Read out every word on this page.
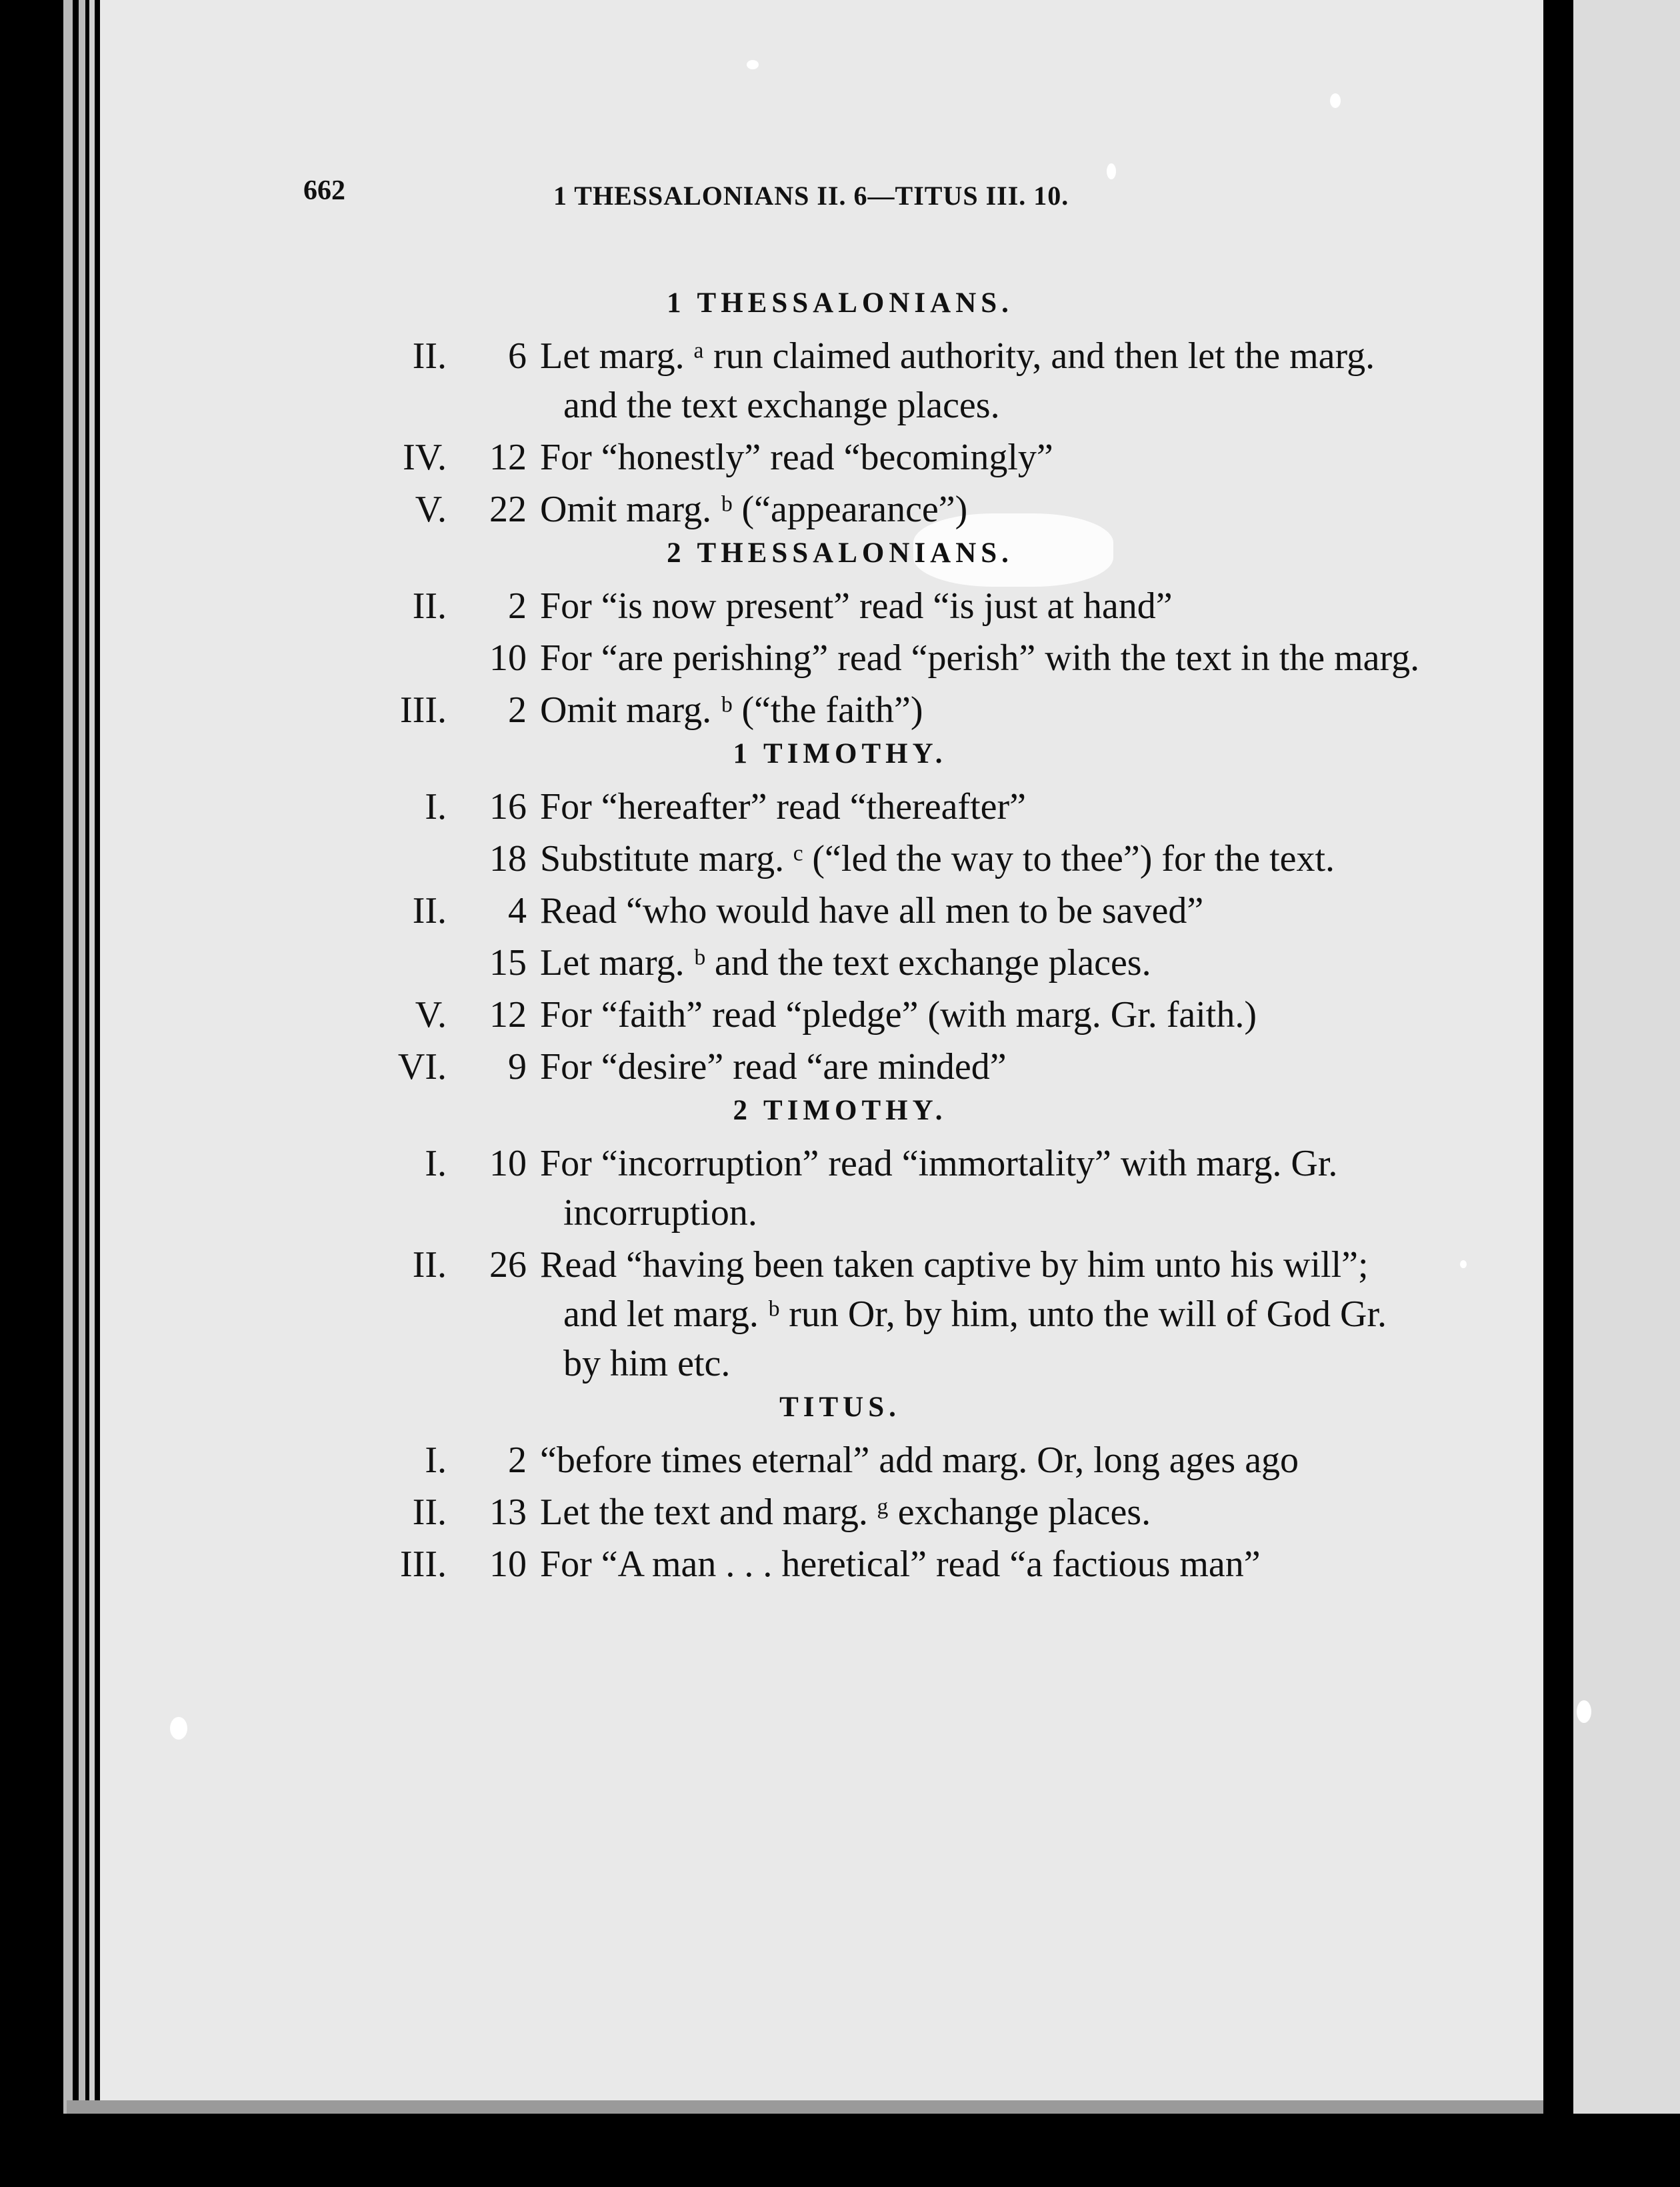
662	1 THESSALONIANS II. 6—TITUS III. 10.
1 THESSALONIANS.
II. 6 Let marg. ᵃ run claimed authority, and then let the marg. and the text exchange places.
IV. 12 For “honestly” read “becomingly”
V. 22 Omit marg. ᵇ (“appearance”)
2 THESSALONIANS.
II. 2 For “is now present” read “is just at hand”
10 For “are perishing” read “perish” with the text in the marg.
III. 2 Omit marg. ᵇ (“the faith”)
1 TIMOTHY.
I. 16 For “hereafter” read “thereafter”
18 Substitute marg. ᶜ (“led the way to thee”) for the text.
II. 4 Read “who would have all men to be saved”
15 Let marg. ᵇ and the text exchange places.
V. 12 For “faith” read “pledge” (with marg. Gr. faith.)
VI. 9 For “desire” read “are minded”
2 TIMOTHY.
I. 10 For “incorruption” read “immortality” with marg. Gr. incorruption.
II. 26 Read “having been taken captive by him unto his will”; and let marg. ᵇ run Or, by him, unto the will of God Gr. by him etc.
TITUS.
I. 2 “before times eternal” add marg. Or, long ages ago
II. 13 Let the text and marg. ᵍ exchange places.
III. 10 For “A man . . . heretical” read “a factious man”
